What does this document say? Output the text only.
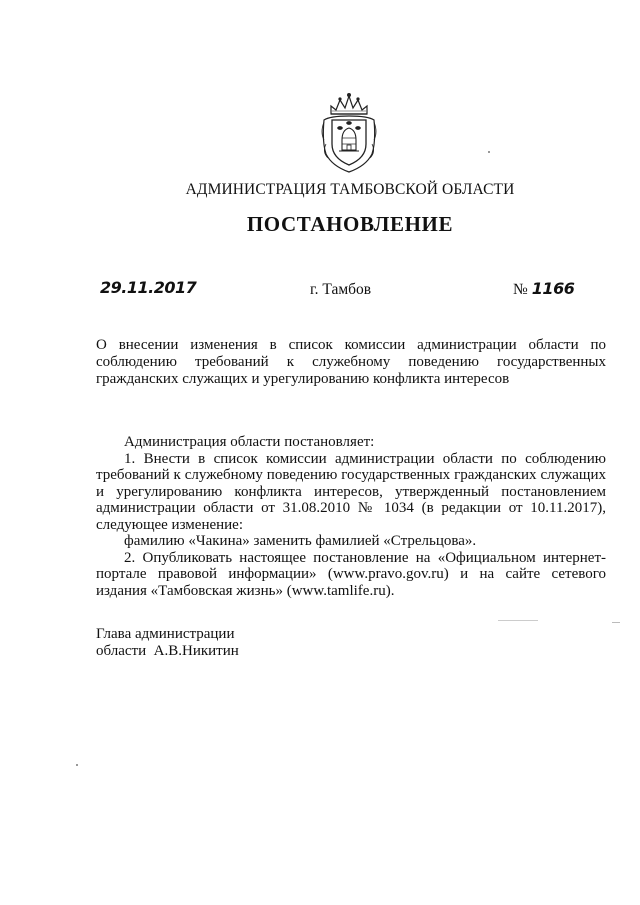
АДМИНИСТРАЦИЯ ТАМБОВСКОЙ ОБЛАСТИ
ПОСТАНОВЛЕНИЕ
29.11.2017	г. Тамбов	№ 1166
О внесении изменения в список комиссии администрации области по соблюдению требований к служебному поведению государственных гражданских служащих и урегулированию конфликта интересов

Администрация области постановляет:

1. Внести в список комиссии администрации области по соблюдению требований к служебному поведению государственных гражданских служащих и урегулированию конфликта интересов, утвержденный постановлением администрации области от 31.08.2010 № 1034 (в редакции от 10.11.2017), следующее изменение:

фамилию «Чакина» заменить фамилией «Стрельцова».

2. Опубликовать настоящее постановление на «Официальном интернет-портале правовой информации» (www.pravo.gov.ru) и на сайте сетевого издания «Тамбовская жизнь» (www.tamlife.ru).

Глава администрации
области А.В.Никитин
